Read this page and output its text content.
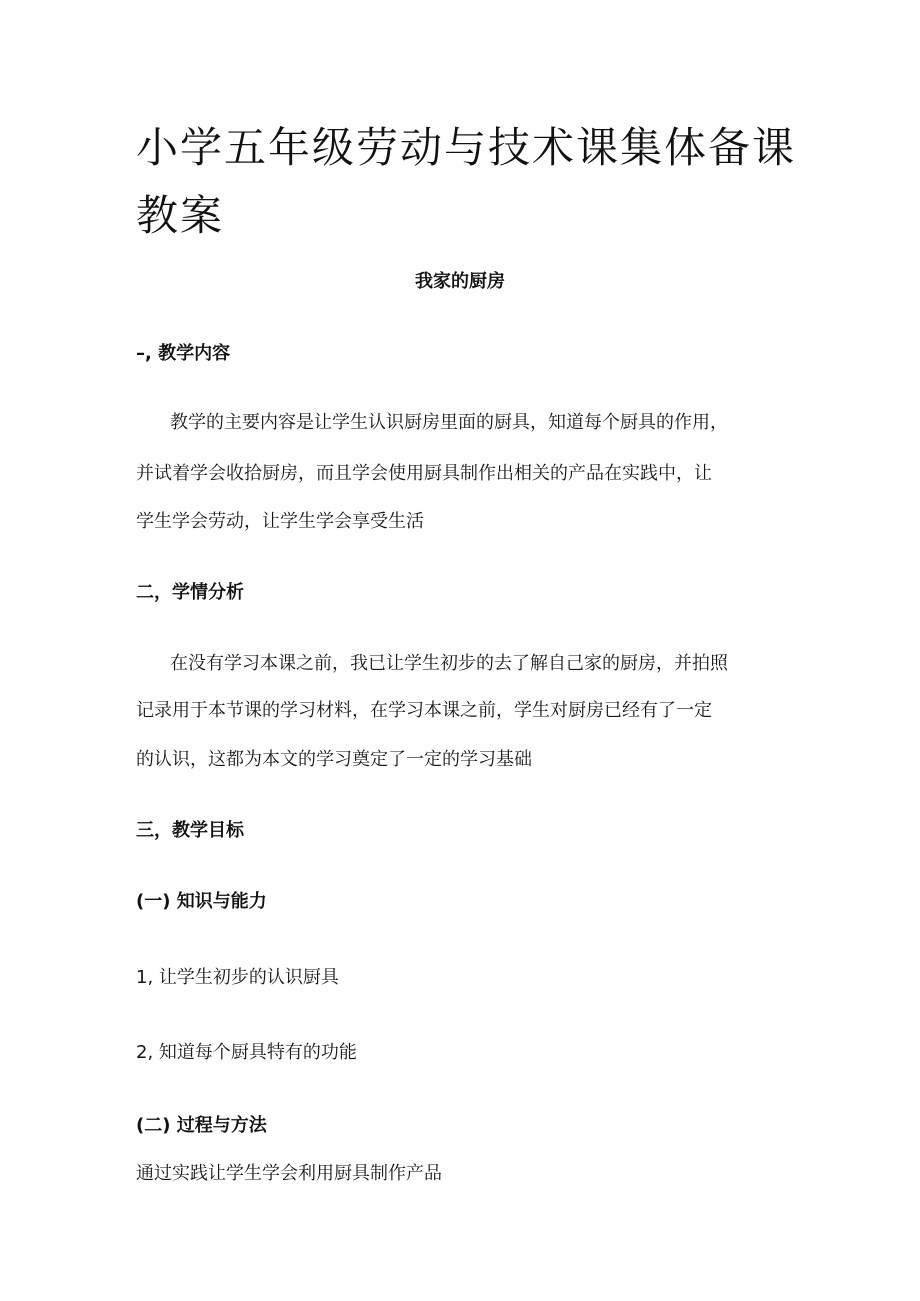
小学五年级劳动与技术课集体备课
教案
我家的厨房
–, 教学内容
教学的主要内容是让学生认识厨房里面的厨具，知道每个厨具的作用，
并试着学会收拾厨房，而且学会使用厨具制作出相关的产品在实践中，让
学生学会劳动，让学生学会享受生活
二，学情分析
在没有学习本课之前，我已让学生初步的去了解自己家的厨房，并拍照
记录用于本节课的学习材料，在学习本课之前，学生对厨房已经有了一定
的认识，这都为本文的学习奠定了一定的学习基础
三，教学目标
(一) 知识与能力
1, 让学生初步的认识厨具
2, 知道每个厨具特有的功能
(二) 过程与方法
通过实践让学生学会利用厨具制作产品
